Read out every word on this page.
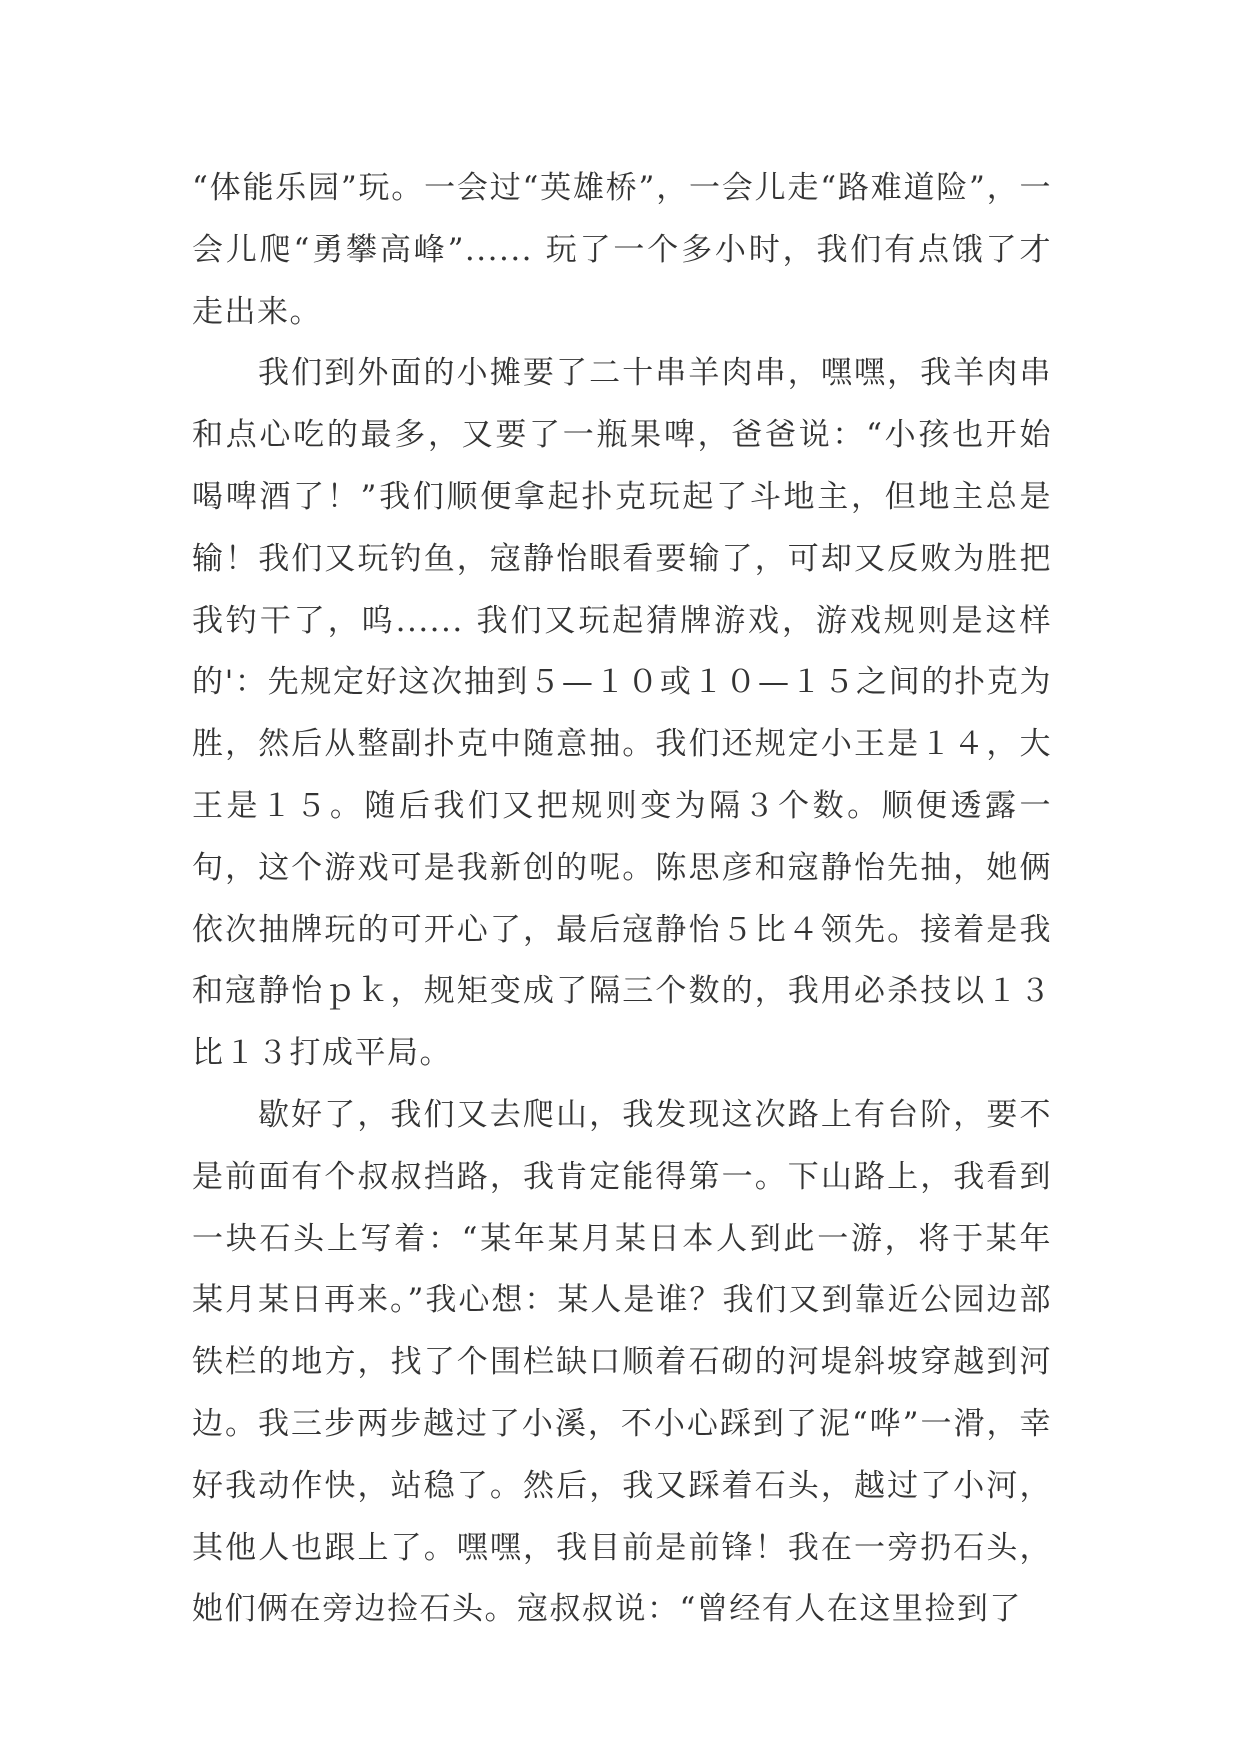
“体能乐园”玩。一会过“英雄桥”，一会儿走“路难道险”，一会儿爬“勇攀高峰”...... 玩了一个多小时，我们有点饿了才走出来。

我们到外面的小摊要了二十串羊肉串，嘿嘿，我羊肉串和点心吃的最多，又要了一瓶果啤，爸爸说：“小孩也开始喝啤酒了！”我们顺便拿起扑克玩起了斗地主，但地主总是输！我们又玩钓鱼，寇静怡眼看要输了，可却又反败为胜把我钓干了，呜...... 我们又玩起猜牌游戏，游戏规则是这样的'：先规定好这次抽到５—１０或１０—１５之间的扑克为胜，然后从整副扑克中随意抽。我们还规定小王是１４，大王是１５。随后我们又把规则变为隔３个数。顺便透露一句，这个游戏可是我新创的呢。陈思彦和寇静怡先抽，她俩依次抽牌玩的可开心了，最后寇静怡５比４领先。接着是我和寇静怡ｐｋ，规矩变成了隔三个数的，我用必杀技以１３比１３打成平局。

歇好了，我们又去爬山，我发现这次路上有台阶，要不是前面有个叔叔挡路，我肯定能得第一。下山路上，我看到一块石头上写着：“某年某月某日本人到此一游，将于某年某月某日再来。”我心想：某人是谁？我们又到靠近公园边部铁栏的地方，找了个围栏缺口顺着石砌的河堤斜坡穿越到河边。我三步两步越过了小溪，不小心踩到了泥“哗”一滑，幸好我动作快，站稳了。然后，我又踩着石头，越过了小河，其他人也跟上了。嘿嘿，我目前是前锋！我在一旁扔石头，她们俩在旁边捡石头。寇叔叔说：“曾经有人在这里捡到了
